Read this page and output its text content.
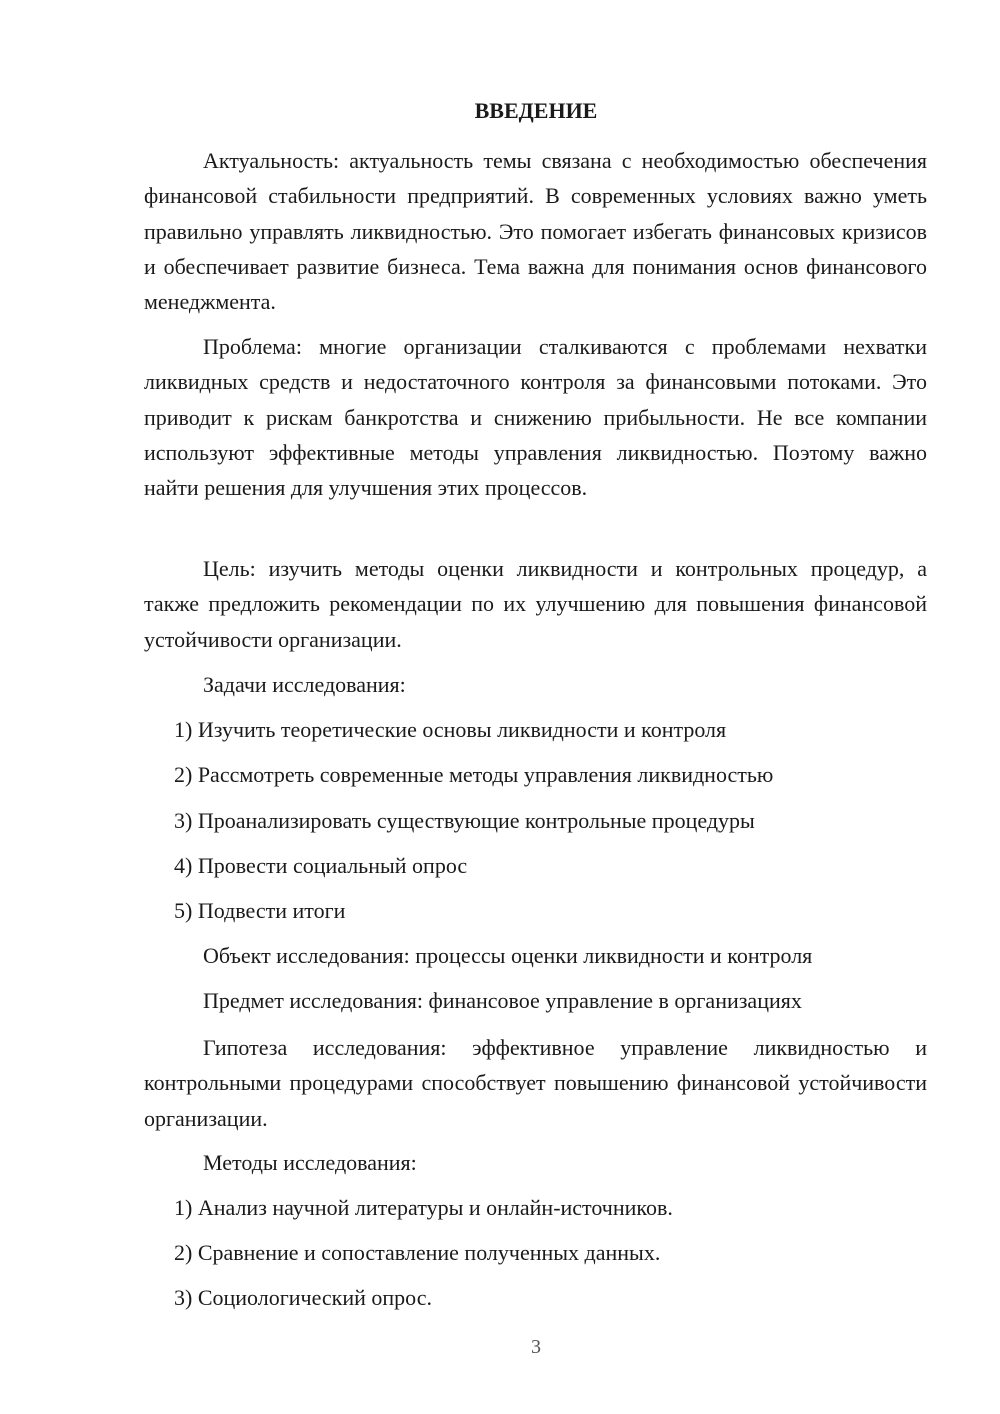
ВВЕДЕНИЕ

Актуальность: актуальность темы связана с необходимостью обеспечения финансовой стабильности предприятий. В современных условиях важно уметь правильно управлять ликвидностью. Это помогает избегать финансовых кризисов и обеспечивает развитие бизнеса. Тема важна для понимания основ финансового менеджмента.

Проблема: многие организации сталкиваются с проблемами нехватки ликвидных средств и недостаточного контроля за финансовыми потоками. Это приводит к рискам банкротства и снижению прибыльности. Не все компании используют эффективные методы управления ликвидностью. Поэтому важно найти решения для улучшения этих процессов.

Цель: изучить методы оценки ликвидности и контрольных процедур, а также предложить рекомендации по их улучшению для повышения финансовой устойчивости организации.

Задачи исследования:

1) Изучить теоретические основы ликвидности и контроля

2) Рассмотреть современные методы управления ликвидностью

3) Проанализировать существующие контрольные процедуры

4) Провести социальный опрос

5) Подвести итоги

Объект исследования: процессы оценки ликвидности и контроля

Предмет исследования: финансовое управление в организациях

Гипотеза исследования: эффективное управление ликвидностью и контрольными процедурами способствует повышению финансовой устойчивости организации.

Методы исследования:

1) Анализ научной литературы и онлайн-источников.

2) Сравнение и сопоставление полученных данных.

3) Социологический опрос.

3
